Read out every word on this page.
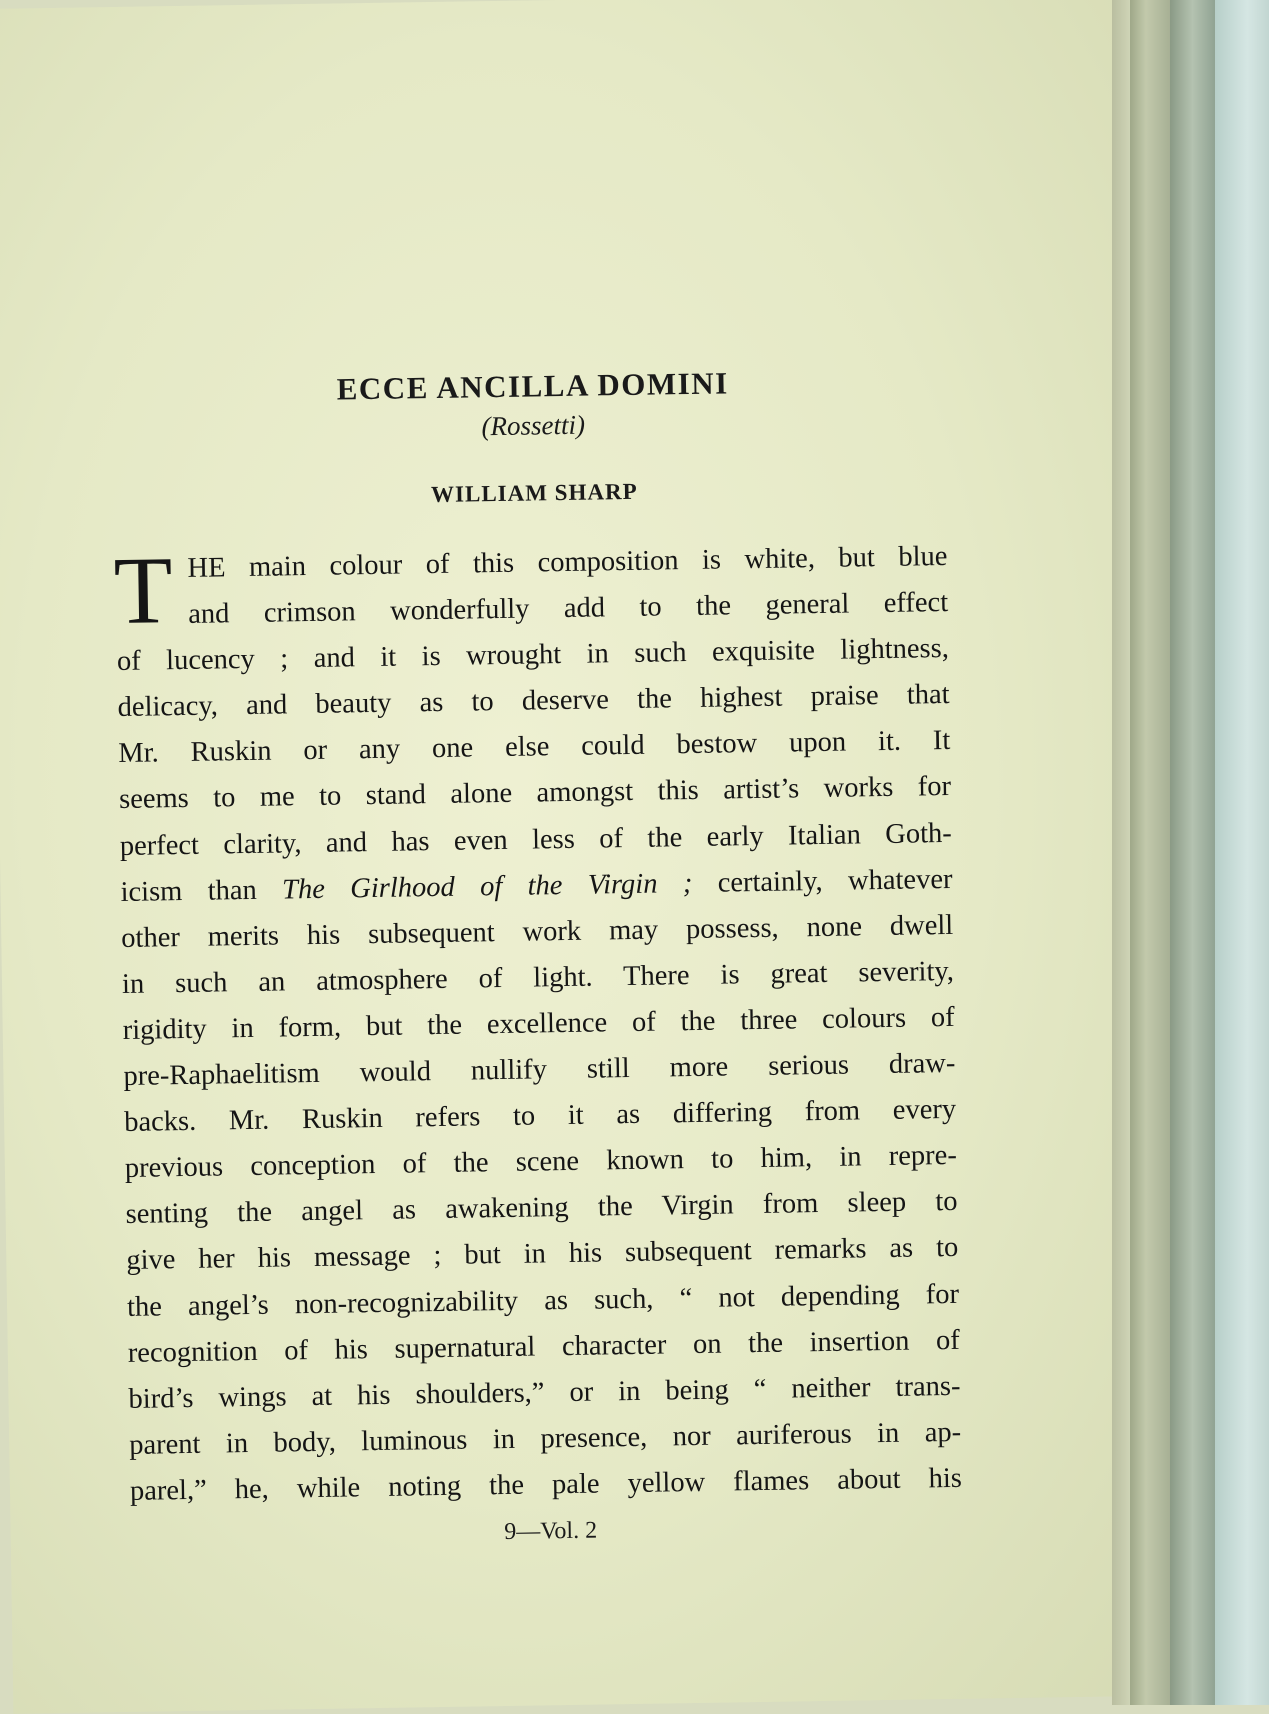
ECCE ANCILLA DOMINI
(Rossetti)
WILLIAM SHARP
T HE main colour of this composition is white, but blue
and crimson wonderfully add to the general effect
of lucency ; and it is wrought in such exquisite lightness,
delicacy, and beauty as to deserve the highest praise that
Mr. Ruskin or any one else could bestow upon it. It
seems to me to stand alone amongst this artist’s works for
perfect clarity, and has even less of the early Italian Goth-
icism than The Girlhood of the Virgin ; certainly, whatever
other merits his subsequent work may possess, none dwell
in such an atmosphere of light. There is great severity,
rigidity in form, but the excellence of the three colours of
pre-Raphaelitism would nullify still more serious draw-
backs. Mr. Ruskin refers to it as differing from every
previous conception of the scene known to him, in repre-
senting the angel as awakening the Virgin from sleep to
give her his message ; but in his subsequent remarks as to
the angel’s non-recognizability as such, “ not depending for
recognition of his supernatural character on the insertion of
bird’s wings at his shoulders,” or in being “ neither trans-
parent in body, luminous in presence, nor auriferous in ap-
parel,” he, while noting the pale yellow flames about his
9—Vol. 2
